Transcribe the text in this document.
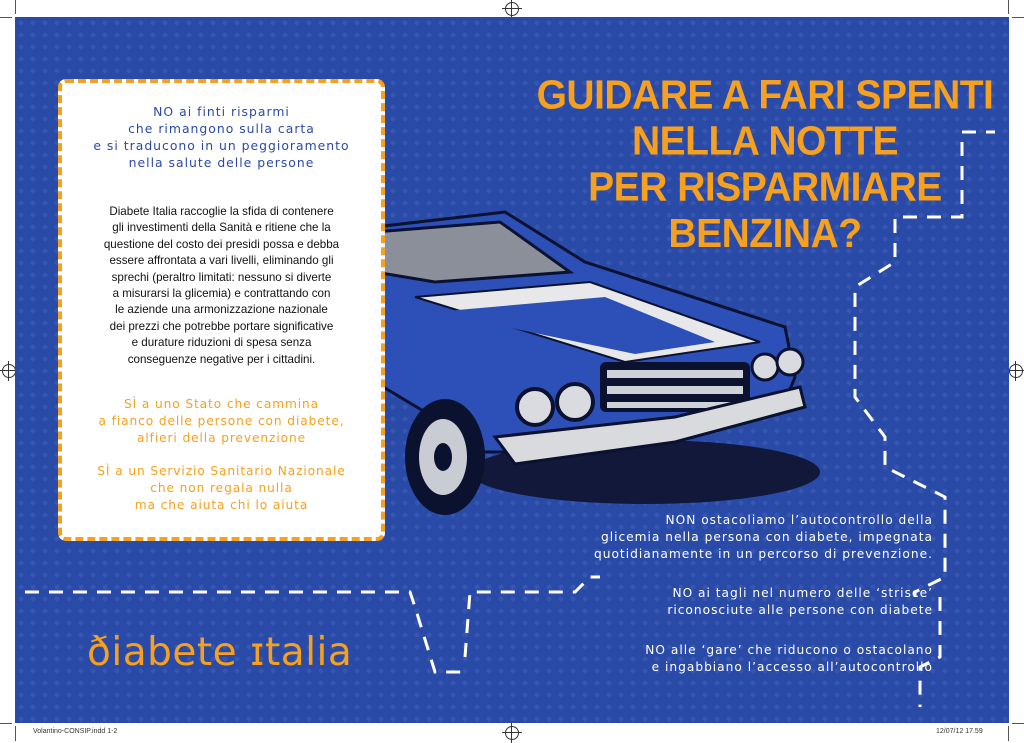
NO ai finti risparmi
che rimangono sulla carta
e si traducono in un peggioramento
nella salute delle persone
Diabete Italia raccoglie la sfida di contenere
gli investimenti della Sanità e ritiene che la
questione del costo dei presidi possa e debba
essere affrontata a vari livelli, eliminando gli
sprechi (peraltro limitati: nessuno si diverte
a misurarsi la glicemia) e contrattando con
le aziende una armonizzazione nazionale
dei prezzi che potrebbe portare significative
e durature riduzioni di spesa senza
conseguenze negative per i cittadini.
SÌ a uno Stato che cammina
a fianco delle persone con diabete,
alfieri della prevenzione
SÌ a un Servizio Sanitario Nazionale
che non regala nulla
ma che aiuta chi lo aiuta
GUIDARE A FARI SPENTI
NELLA NOTTE
PER RISPARMIARE
BENZINA?
NON ostacoliamo l’autocontrollo della
glicemia nella persona con diabete, impegnata
quotidianamente in un percorso di prevenzione.
NO ai tagli nel numero delle ‘strisce’
riconosciute alle persone con diabete
NO alle ‘gare’ che riducono o ostacolano
e ingabbiano l’accesso all’autocontrollo
ðiabete ɪtalia
Volantino-CONSIP.indd 1-2	12/07/12 17.59
